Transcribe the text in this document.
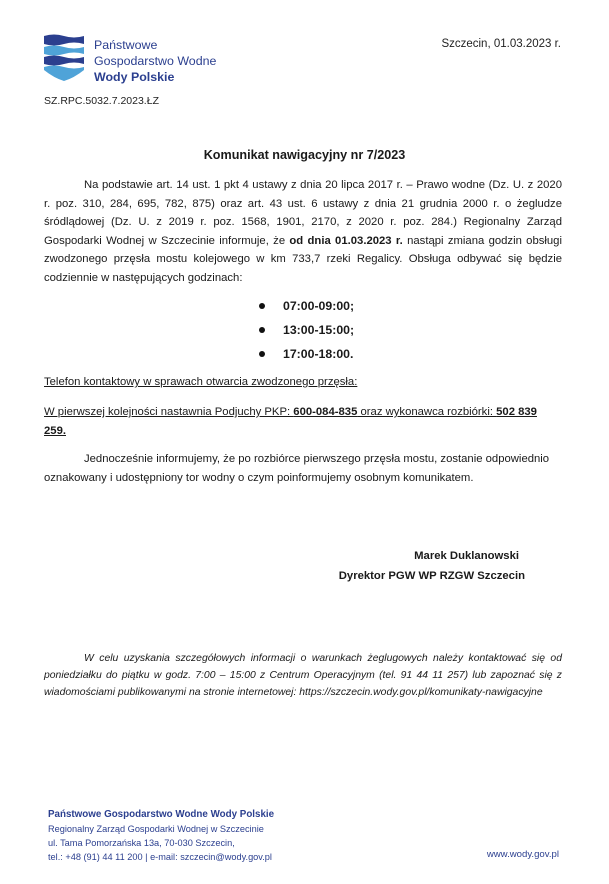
Państwowe
Gospodarstwo Wodne
Wody Polskie
Szczecin, 01.03.2023 r.
SZ.RPC.5032.7.2023.ŁZ
Komunikat nawigacyjny nr 7/2023

Na podstawie art. 14 ust. 1 pkt 4 ustawy z dnia 20 lipca 2017 r. – Prawo wodne (Dz. U. z 2020 r. poz. 310, 284, 695, 782, 875) oraz art. 43 ust. 6 ustawy z dnia 21 grudnia 2000 r. o żegludze śródlądowej (Dz. U. z 2019 r. poz. 1568, 1901, 2170, z 2020 r. poz. 284.) Regionalny Zarząd Gospodarki Wodnej w Szczecinie informuje, że od dnia 01.03.2023 r. nastąpi zmiana godzin obsługi zwodzonego przęsła mostu kolejowego w km 733,7 rzeki Regalicy. Obsługa odbywać się będzie codziennie w następujących godzinach:

07:00-09:00;
13:00-15:00;
17:00-18:00.
Telefon kontaktowy w sprawach otwarcia zwodzonego przęsła:
W pierwszej kolejności nastawnia Podjuchy PKP: 600-084-835 oraz wykonawca rozbiórki: 502 839 259.

Jednocześnie informujemy, że po rozbiórce pierwszego przęsła mostu, zostanie odpowiednio oznakowany i udostępniony tor wodny o czym poinformujemy osobnym komunikatem.

Marek Duklanowski
Dyrektor PGW WP RZGW Szczecin

W celu uzyskania szczegółowych informacji o warunkach żeglugowych należy kontaktować się od poniedziałku do piątku w godz. 7:00 – 15:00 z Centrum Operacyjnym (tel. 91 44 11 257) lub zapoznać się z wiadomościami publikowanymi na stronie internetowej: https://szczecin.wody.gov.pl/komunikaty-nawigacyjne

Państwowe Gospodarstwo Wodne Wody Polskie
Regionalny Zarząd Gospodarki Wodnej w Szczecinie
ul. Tama Pomorzańska 13a, 70-030 Szczecin,
tel.: +48 (91) 44 11 200 | e-mail: szczecin@wody.gov.pl	www.wody.gov.pl
